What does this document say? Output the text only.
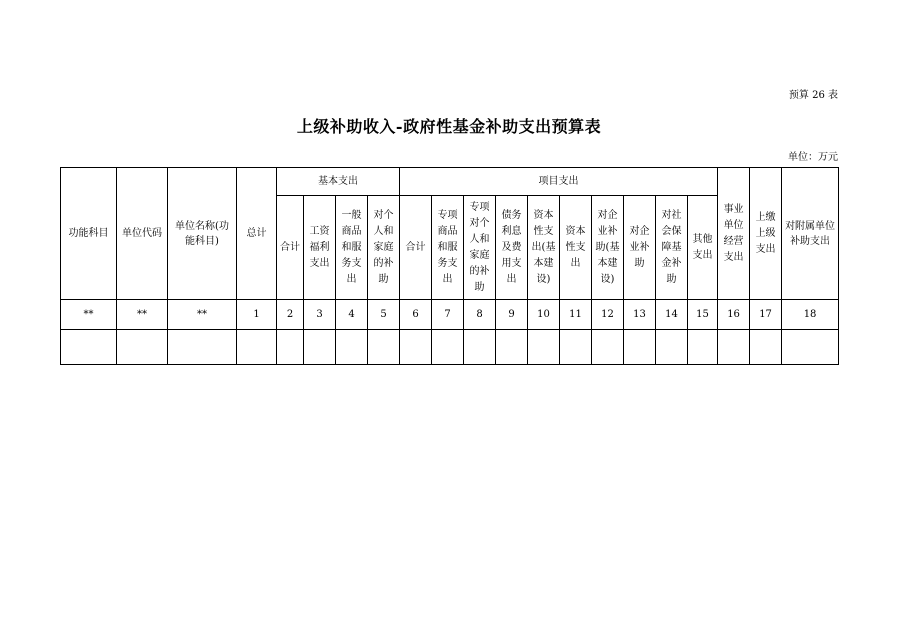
预算 26 表
上级补助收入-政府性基金补助支出预算表
单位：万元
功能科目	单位代码	单位名称(功能科目)	总计	基本支出				项目支出										事业单位经营支出	上缴上级支出	对附属单位补助支出
				合计	工资福利支出	一般商品和服务支出	对个人和家庭的补助	合计	专项商品和服务支出	专项对个人和家庭的补助	债务利息及费用支出	资本性支出(基本建设)	资本性支出	对企业补助(基本建设)	对企业补助	对社会保障基金补助	其他支出			
**	**	**	1	2	3	4	5	6	7	8	9	10	11	12	13	14	15	16	17	18
